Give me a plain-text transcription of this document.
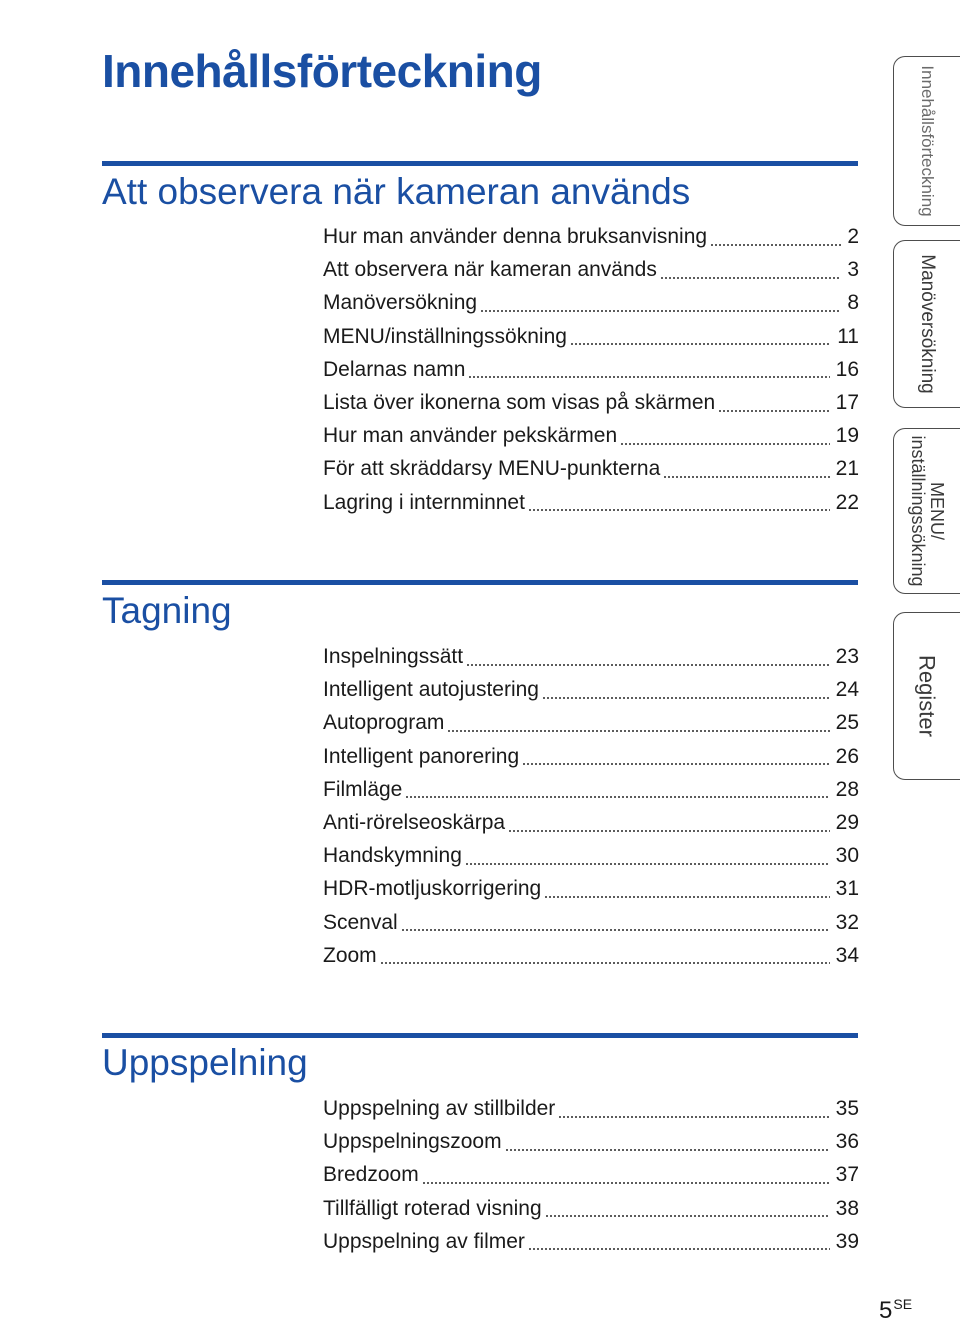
Innehållsförteckning
Att observera när kameran används
Hur man använder denna bruksanvisning	2
Att observera när kameran används	3
Manöversökning	8
MENU/inställningssökning	11
Delarnas namn	16
Lista över ikonerna som visas på skärmen	17
Hur man använder pekskärmen	19
För att skräddarsy MENU-punkterna	21
Lagring i internminnet	22
Tagning
Inspelningssätt	23
Intelligent autojustering	24
Autoprogram	25
Intelligent panorering	26
Filmläge	28
Anti-rörelseoskärpa	29
Handskymning	30
HDR-motljuskorrigering	31
Scenval	32
Zoom	34
Uppspelning
Uppspelning av stillbilder	35
Uppspelningszoom	36
Bredzoom	37
Tillfälligt roterad visning	38
Uppspelning av filmer	39
Innehållsförteckning
Manöversökning
MENU/
inställningssökning
Register
$5^{SE}$
